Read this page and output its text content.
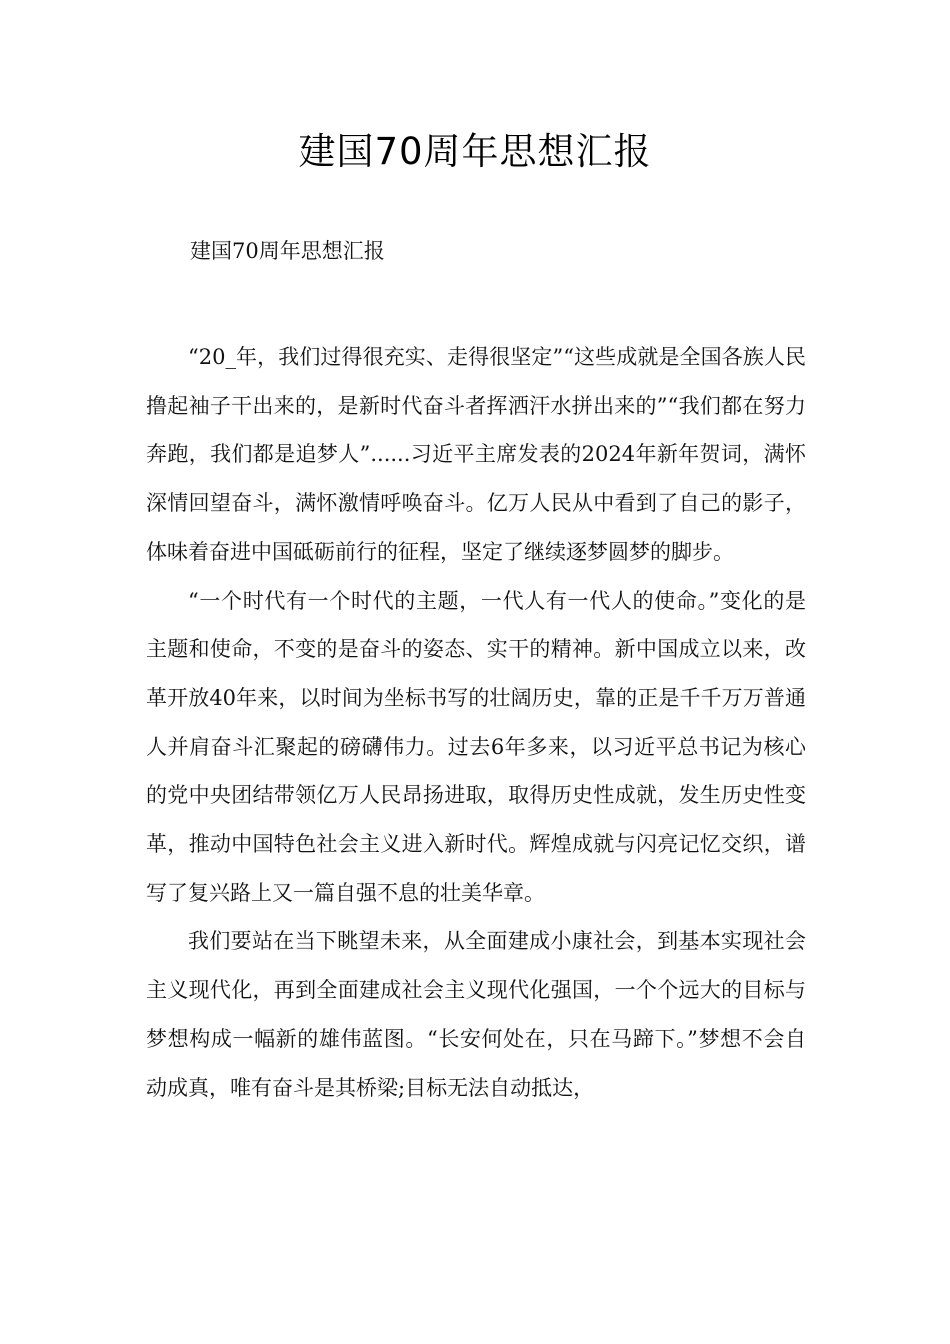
建国70周年思想汇报
建国70周年思想汇报

“20_年，我们过得很充实、走得很坚定”“这些成就是全国各族人民撸起袖子干出来的，是新时代奋斗者挥洒汗水拼出来的”“我们都在努力奔跑，我们都是追梦人”......习近平主席发表的2024年新年贺词，满怀深情回望奋斗，满怀激情呼唤奋斗。亿万人民从中看到了自己的影子，体味着奋进中国砥砺前行的征程，坚定了继续逐梦圆梦的脚步。

“一个时代有一个时代的主题，一代人有一代人的使命。”变化的是主题和使命，不变的是奋斗的姿态、实干的精神。新中国成立以来，改革开放40年来，以时间为坐标书写的壮阔历史，靠的正是千千万万普通人并肩奋斗汇聚起的磅礴伟力。过去6年多来，以习近平总书记为核心的党中央团结带领亿万人民昂扬进取，取得历史性成就，发生历史性变革，推动中国特色社会主义进入新时代。辉煌成就与闪亮记忆交织，谱写了复兴路上又一篇自强不息的壮美华章。

我们要站在当下眺望未来，从全面建成小康社会，到基本实现社会主义现代化，再到全面建成社会主义现代化强国，一个个远大的目标与梦想构成一幅新的雄伟蓝图。“长安何处在，只在马蹄下。”梦想不会自动成真，唯有奋斗是其桥梁;目标无法自动抵达，
